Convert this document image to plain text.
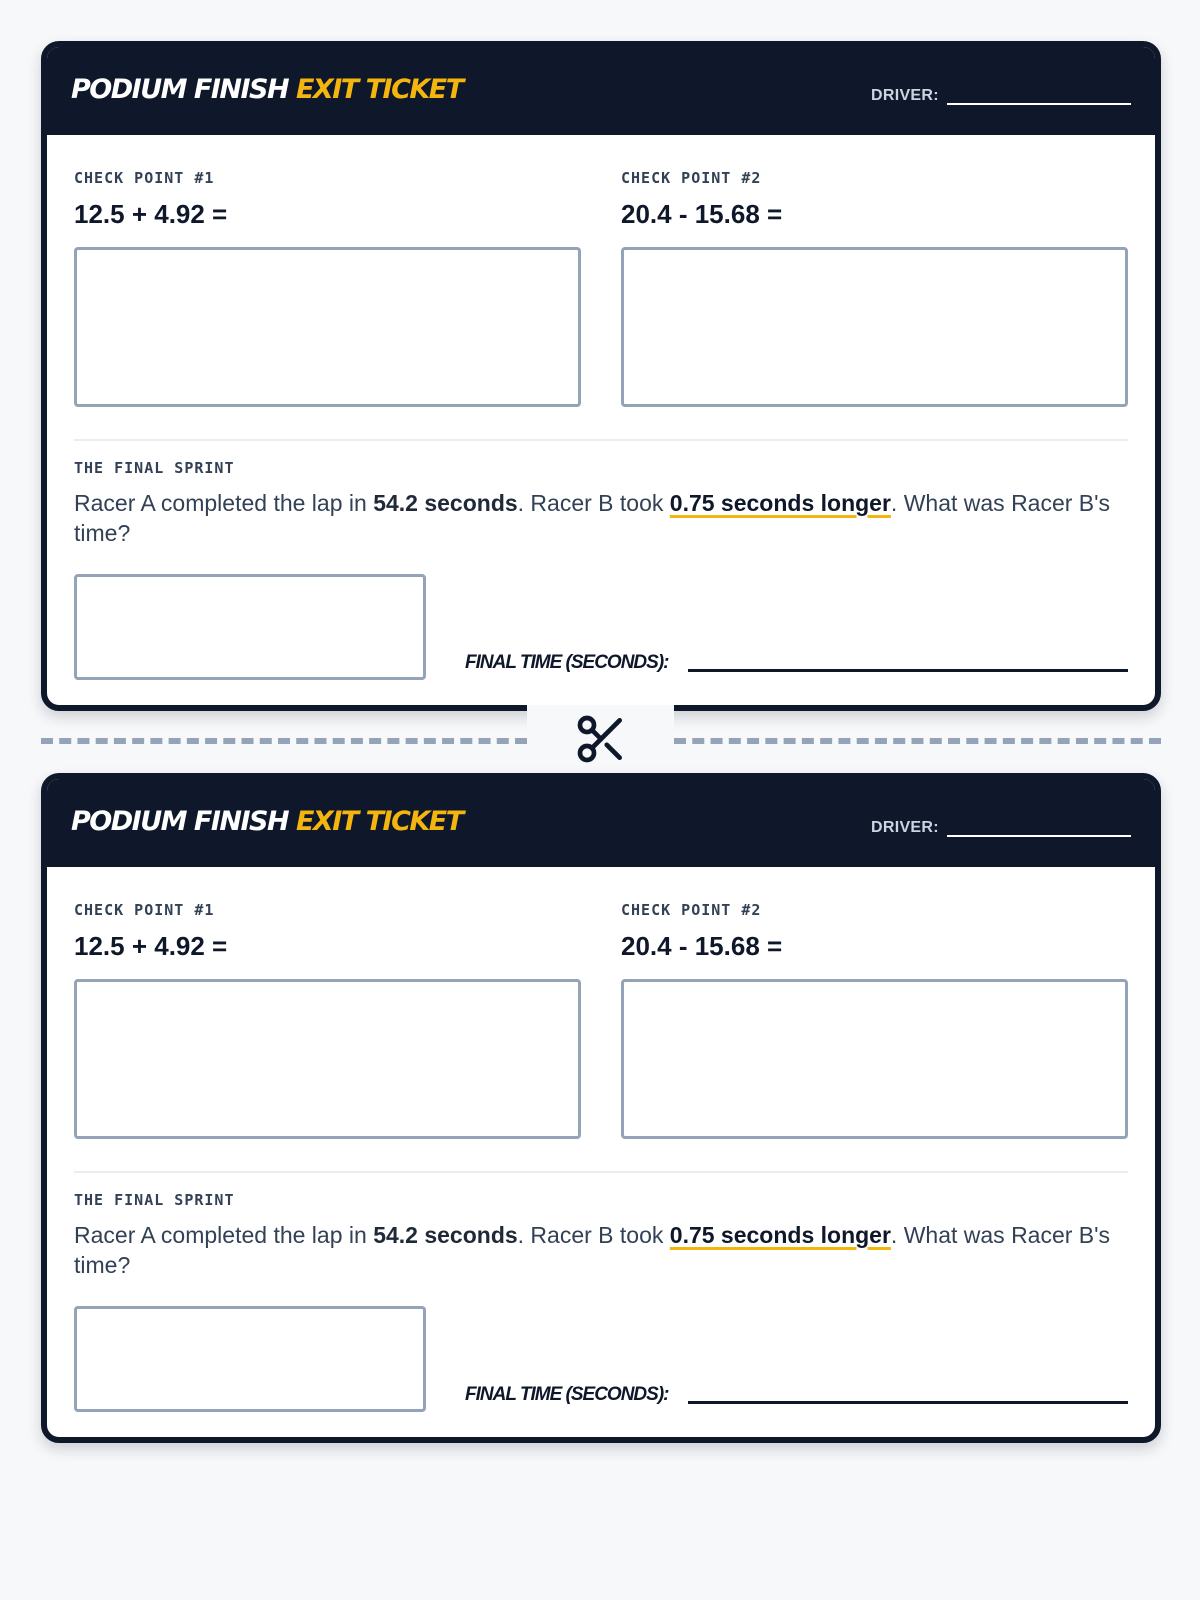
PODIUM FINISH EXIT TICKET	DRIVER:
CHECK POINT #1
12.5 + 4.92 =
CHECK POINT #2
20.4 - 15.68 =
THE FINAL SPRINT
Racer A completed the lap in 54.2 seconds. Racer B took 0.75 seconds longer. What was Racer B's time?
FINAL TIME (SECONDS):
PODIUM FINISH EXIT TICKET	DRIVER:
CHECK POINT #1
12.5 + 4.92 =
CHECK POINT #2
20.4 - 15.68 =
THE FINAL SPRINT
Racer A completed the lap in 54.2 seconds. Racer B took 0.75 seconds longer. What was Racer B's time?
FINAL TIME (SECONDS):
